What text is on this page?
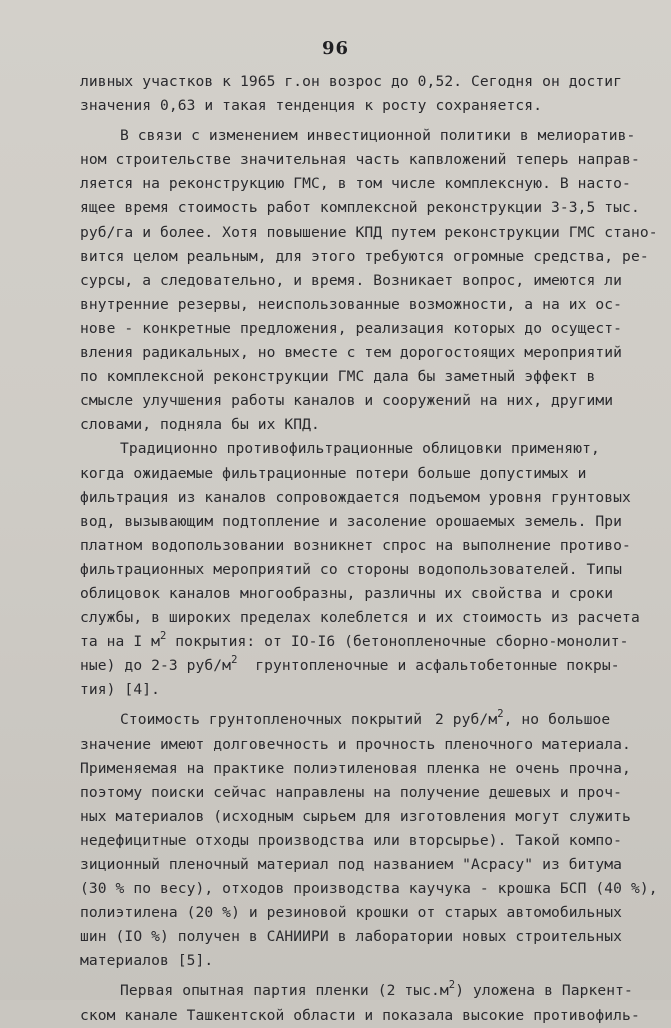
96
ливных участков к 1965 г.он возрос до 0,52. Сегодня он достиг
значения 0,63 и такая тенденция к росту сохраняется.
В связи с изменением инвестиционной политики в мелиоратив-
ном строительстве значительная часть капвложений теперь направ-
ляется на реконструкцию ГМС, в том числе комплексную. В насто-
ящее время стоимость работ комплексной реконструкции 3-3,5 тыс.
руб/га и более. Хотя повышение КПД путем реконструкции ГМС стано-
вится целом реальным, для этого требуются огромные средства, ре-
сурсы, а следовательно, и время. Возникает вопрос, имеются ли
внутренние резервы, неиспользованные возможности, а на их ос-
нове - конкретные предложения, реализация которых до осущест-
вления радикальных, но вместе с тем дорогостоящих мероприятий
по комплексной реконструкции ГМС дала бы заметный эффект в
смысле улучшения работы каналов и сооружений на них, другими
словами, подняла бы их КПД.
Традиционно противофильтрационные облицовки применяют,
когда ожидаемые фильтрационные потери больше допустимых и
фильтрация из каналов сопровождается подъемом уровня грунтовых
вод, вызывающим подтопление и засоление орошаемых земель. При
платном водопользовании возникнет спрос на выполнение противо-
фильтрационных мероприятий со стороны водопользователей. Типы
облицовок каналов многообразны, различны их свойства и сроки
службы, в широких пределах колеблется и их стоимость из расчета
та на I $м^2$ покрытия: от IO-I6 (бетонопленочные сборно-монолит-
ные) до 2-3 руб/$м^2$  грунтопленочные и асфальтобетонные покры-
тия) [4].
Стоимость грунтопленочных покрытий 2 руб/$м^2$, но большое
значение имеют долговечность и прочность пленочного материала.
Применяемая на практике полиэтиленовая пленка не очень прочна,
поэтому поиски сейчас направлены на получение дешевых и проч-
ных материалов (исходным сырьем для изготовления могут служить
недефицитные отходы производства или вторсырье). Такой компо-
зиционный пленочный материал под названием "Асрасу" из битума
(30 % по весу), отходов производства каучука - крошка БСП (40 %),
полиэтилена (20 %) и резиновой крошки от старых автомобильных
шин (IO %) получен в САНИИРИ в лаборатории новых строительных
материалов [5].
Первая опытная партия пленки (2 $тыс.м^2$) уложена в Паркент-
ском канале Ташкентской области и показала высокие противофиль-
